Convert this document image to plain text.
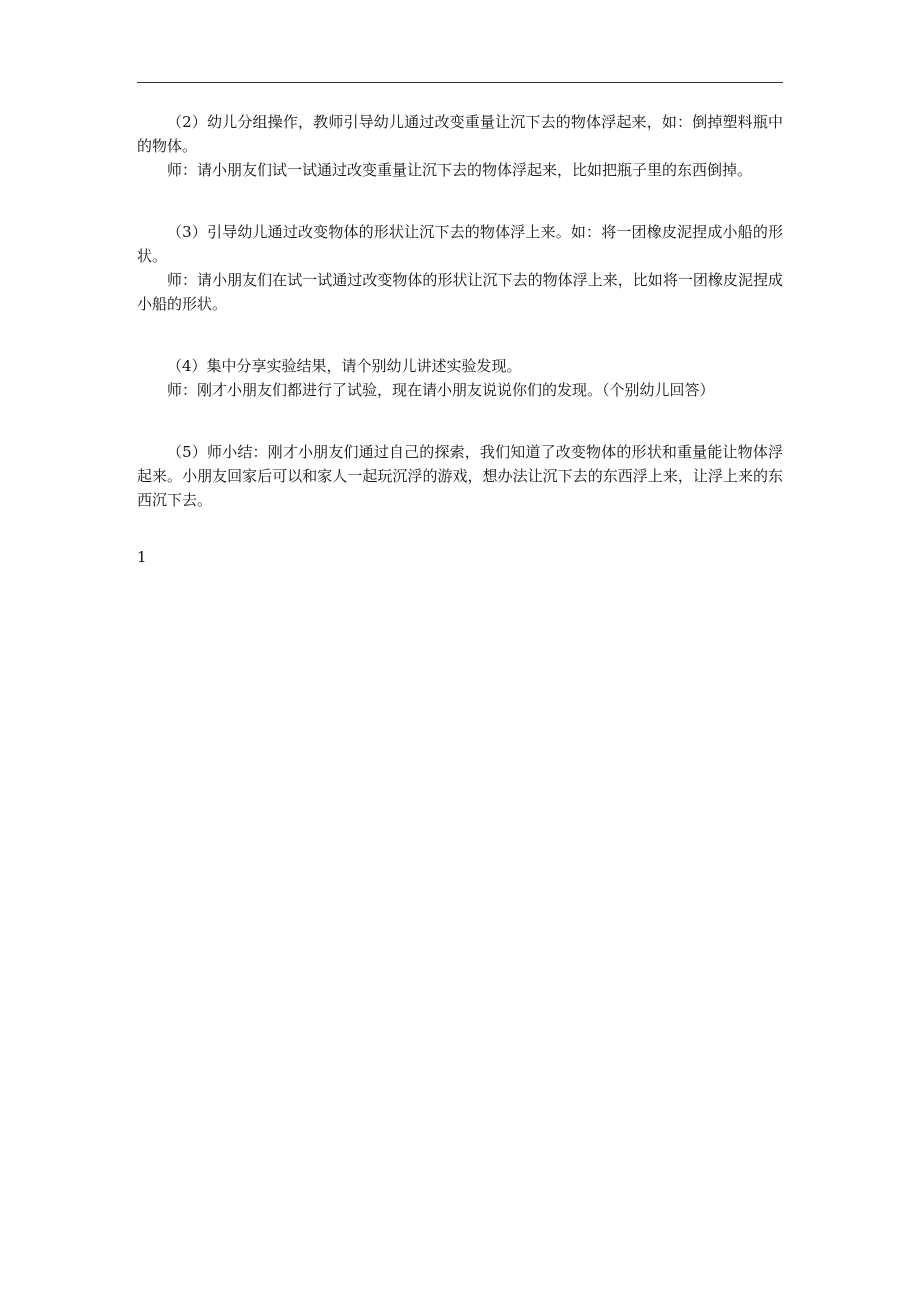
（2）幼儿分组操作，教师引导幼儿通过改变重量让沉下去的物体浮起来，如：倒掉塑料瓶中的物体。

师：请小朋友们试一试通过改变重量让沉下去的物体浮起来，比如把瓶子里的东西倒掉。

（3）引导幼儿通过改变物体的形状让沉下去的物体浮上来。如：将一团橡皮泥捏成小船的形状。

师：请小朋友们在试一试通过改变物体的形状让沉下去的物体浮上来，比如将一团橡皮泥捏成小船的形状。

（4）集中分享实验结果，请个别幼儿讲述实验发现。

师：刚才小朋友们都进行了试验，现在请小朋友说说你们的发现。（个别幼儿回答）

（5）师小结：刚才小朋友们通过自己的探索，我们知道了改变物体的形状和重量能让物体浮起来。小朋友回家后可以和家人一起玩沉浮的游戏，想办法让沉下去的东西浮上来，让浮上来的东西沉下去。

1
